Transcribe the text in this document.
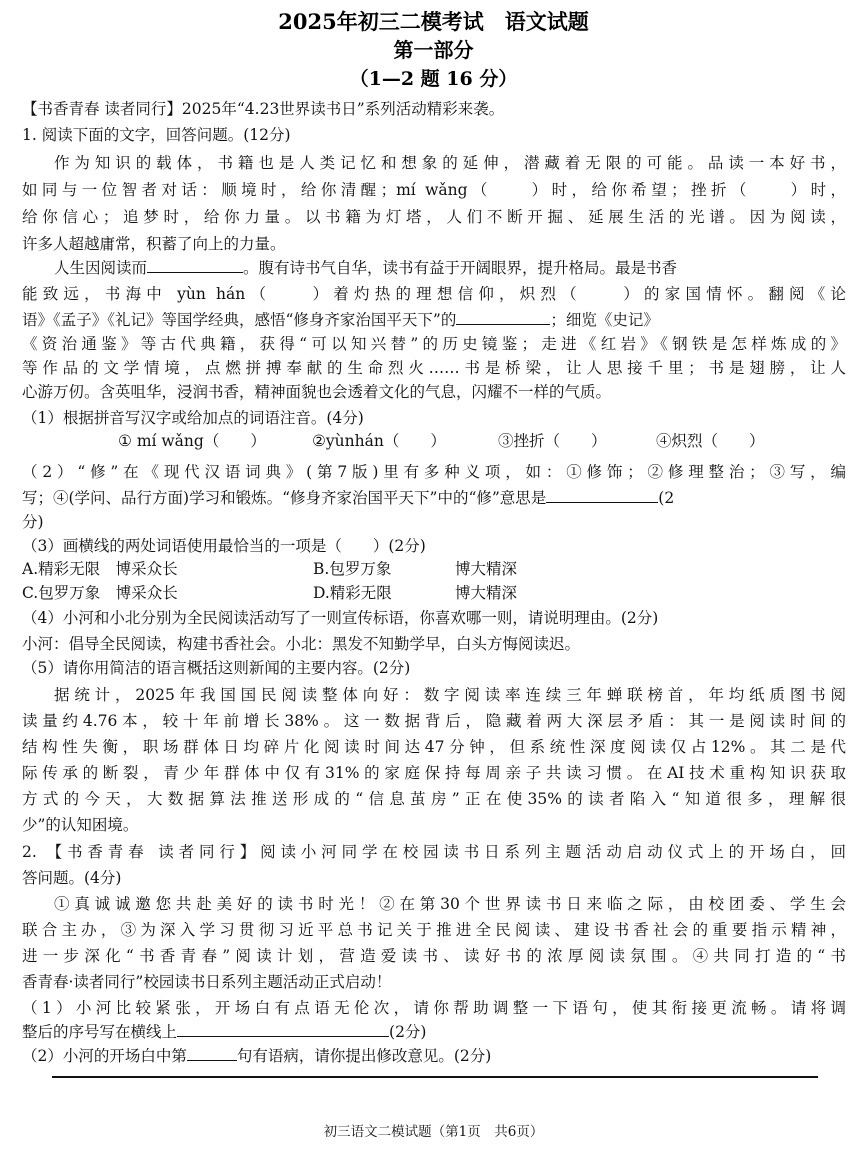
2025年初三二模考试　语文试题
第一部分
（1—2 题 16 分）
【书香青春 读者同行】2025年“4.23世界读书日”系列活动精彩来袭。
1. 阅读下面的文字，回答问题。(12分)
作为知识的载体，书籍也是人类记忆和想象的延伸，潜藏着无限的可能。品读一本好书，
如同与一位智者对话：顺境时，给你清醒；mí wǎng（　　）时，给你希望；挫折（　　）时，
给你信心；追梦时，给你力量。以书籍为灯塔，人们不断开掘、延展生活的光谱。因为阅读，
许多人超越庸常，积蓄了向上的力量。
人生因阅读而	。腹有诗书气自华，读书有益于开阔眼界，提升格局。最是书香
能致远，书海中 yùn hán（　　）着灼热的理想信仰，炽烈（　　）的家国情怀。翻阅《论
语》《孟子》《礼记》等国学经典，感悟“修身齐家治国平天下”的	；细览《史记》
《资治通鉴》等古代典籍，获得“可以知兴替”的历史镜鉴；走进《红岩》《钢铁是怎样炼成的》
等作品的文学情境，点燃拼搏奉献的生命烈火……书是桥梁，让人思接千里；书是翅膀，让人
心游万仞。含英咀华，浸润书香，精神面貌也会透着文化的气息，闪耀不一样的气质。
（1）根据拼音写汉字或给加点的词语注音。(4分)
① mí wǎng（　　）	②yùnhán（　　）	③挫折（　　）	④炽烈（　　）
（2）“修”在《现代汉语词典》(第7版)里有多种义项，如：①修饰；②修理整治；③写，编
写；④(学问、品行方面)学习和锻炼。“修身齐家治国平天下”中的“修”意思是	(2
分)
（3）画横线的两处词语使用最恰当的一项是（　　）(2分)
A.精彩无限　博采众长	B.包罗万象	博大精深
C.包罗万象　博采众长	D.精彩无限	博大精深
（4）小河和小北分别为全民阅读活动写了一则宣传标语，你喜欢哪一则，请说明理由。(2分)
小河：倡导全民阅读，构建书香社会。小北：黑发不知勤学早，白头方悔阅读迟。
（5）请你用简洁的语言概括这则新闻的主要内容。(2分)
据统计，2025年我国国民阅读整体向好：数字阅读率连续三年蝉联榜首，年均纸质图书阅
读量约4.76本，较十年前增长38%。这一数据背后，隐藏着两大深层矛盾：其一是阅读时间的
结构性失衡，职场群体日均碎片化阅读时间达47分钟，但系统性深度阅读仅占12%。其二是代
际传承的断裂，青少年群体中仅有31%的家庭保持每周亲子共读习惯。在AI技术重构知识获取
方式的今天，大数据算法推送形成的“信息茧房”正在使35%的读者陷入“知道很多，理解很
少”的认知困境。
2. 【书香青春 读者同行】阅读小河同学在校园读书日系列主题活动启动仪式上的开场白，回
答问题。(4分)
①真诚诚邀您共赴美好的读书时光！②在第30个世界读书日来临之际，由校团委、学生会
联合主办，③为深入学习贯彻习近平总书记关于推进全民阅读、建设书香社会的重要指示精神，
进一步深化“书香青春”阅读计划，营造爱读书、读好书的浓厚阅读氛围。④共同打造的“书
香青春·读者同行”校园读书日系列主题活动正式启动！
（1）小河比较紧张，开场白有点语无伦次，请你帮助调整一下语句，使其衔接更流畅。请将调
整后的序号写在横线上	(2分)
（2）小河的开场白中第	句有语病，请你提出修改意见。(2分)
初三语文二模试题（第1页　共6页）
